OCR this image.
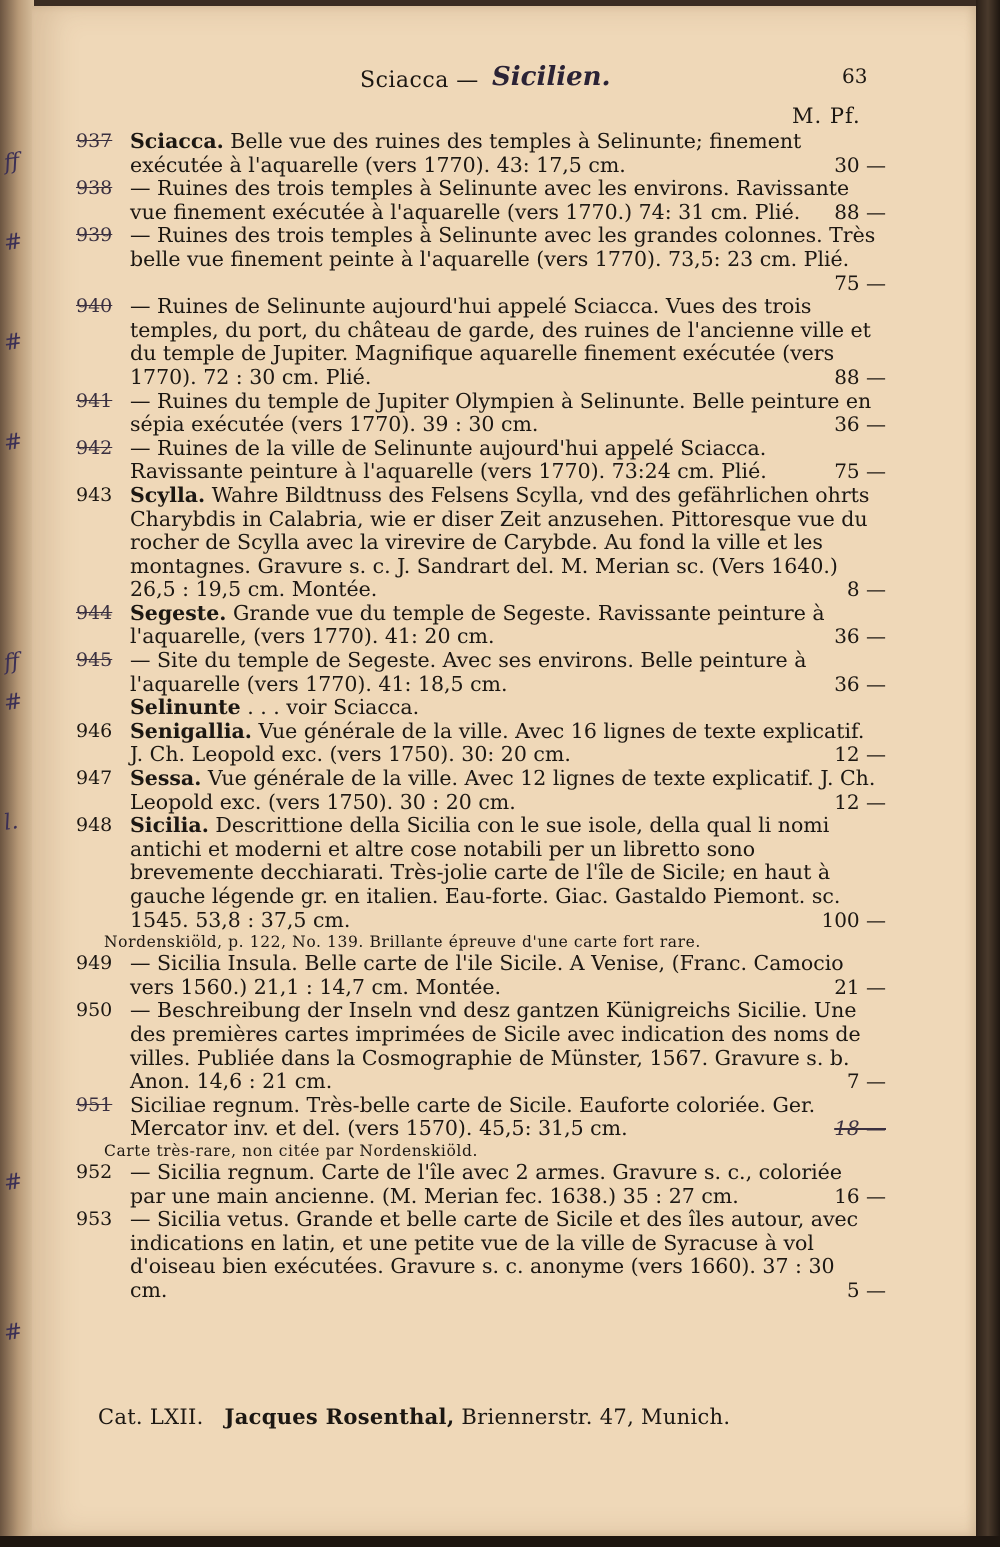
ff
#
#
#
ff
#
l.
#
#
Sciacca — Sicilien.	63
M. Pf.
937 Sciacca. Belle vue des ruines des temples à Selinunte; finement exécutée à l'aquarelle (vers 1770). 43: 17,5 cm.	30 —
938 — Ruines des trois temples à Selinunte avec les environs. Ravissante vue finement exécutée à l'aquarelle (vers 1770.) 74: 31 cm. Plié. 88 —
939 — Ruines des trois temples à Selinunte avec les grandes colonnes. Très belle vue finement peinte à l'aquarelle (vers 1770). 73,5: 23 cm. Plié.
75 —
940 — Ruines de Selinunte aujourd'hui appelé Sciacca. Vues des trois temples, du port, du château de garde, des ruines de l'ancienne ville et du temple de Jupiter. Magnifique aquarelle finement exécutée (vers 1770). 72 : 30 cm. Plié.	88 —
941 — Ruines du temple de Jupiter Olympien à Selinunte. Belle peinture en sépia exécutée (vers 1770). 39 : 30 cm.	36 —
942 — Ruines de la ville de Selinunte aujourd'hui appelé Sciacca. Ravissante peinture à l'aquarelle (vers 1770). 73:24 cm. Plié.	75 —
943 Scylla. Wahre Bildtnuss des Felsens Scylla, vnd des gefährlichen ohrts Charybdis in Calabria, wie er diser Zeit anzusehen. Pittoresque vue du rocher de Scylla avec la virevire de Carybde. Au fond la ville et les montagnes. Gravure s. c. J. Sandrart del. M. Merian sc. (Vers 1640.) 26,5 : 19,5 cm. Montée.	8 —
944 Segeste. Grande vue du temple de Segeste. Ravissante peinture à l'aquarelle, (vers 1770). 41: 20 cm.	36 —
945 — Site du temple de Segeste. Avec ses environs. Belle peinture à l'aquarelle (vers 1770). 41: 18,5 cm.	36 —
Selinunte . . . voir Sciacca.
946 Senigallia. Vue générale de la ville. Avec 16 lignes de texte explicatif. J. Ch. Leopold exc. (vers 1750). 30: 20 cm.	12 —
947 Sessa. Vue générale de la ville. Avec 12 lignes de texte explicatif. J. Ch. Leopold exc. (vers 1750). 30 : 20 cm.	12 —
948 Sicilia. Descrittione della Sicilia con le sue isole, della qual li nomi antichi et moderni et altre cose notabili per un libretto sono brevemente decchiarati. Très-jolie carte de l'île de Sicile; en haut à gauche légende gr. en italien. Eau-forte. Giac. Gastaldo Piemont. sc. 1545. 53,8 : 37,5 cm.	100 —
Nordenskiöld, p. 122, No. 139. Brillante épreuve d'une carte fort rare.
949 — Sicilia Insula. Belle carte de l'ile Sicile. A Venise, (Franc. Camocio vers 1560.) 21,1 : 14,7 cm. Montée.	21 —
950 — Beschreibung der Inseln vnd desz gantzen Künigreichs Sicilie. Une des premières cartes imprimées de Sicile avec indication des noms de villes. Publiée dans la Cosmographie de Münster, 1567. Gravure s. b. Anon. 14,6 : 21 cm.	7 —
951 Siciliae regnum. Très-belle carte de Sicile. Eauforte coloriée. Ger. Mercator inv. et del. (vers 1570). 45,5: 31,5 cm.	18 —
Carte très-rare, non citée par Nordenskiöld.
952 — Sicilia regnum. Carte de l'île avec 2 armes. Gravure s. c., coloriée par une main ancienne. (M. Merian fec. 1638.) 35 : 27 cm.	16 —
953 — Sicilia vetus. Grande et belle carte de Sicile et des îles autour, avec indications en latin, et une petite vue de la ville de Syracuse à vol d'oiseau bien exécutées. Gravure s. c. anonyme (vers 1660). 37 : 30 cm.	5 —
Cat. LXII. Jacques Rosenthal, Briennerstr. 47, Munich.
